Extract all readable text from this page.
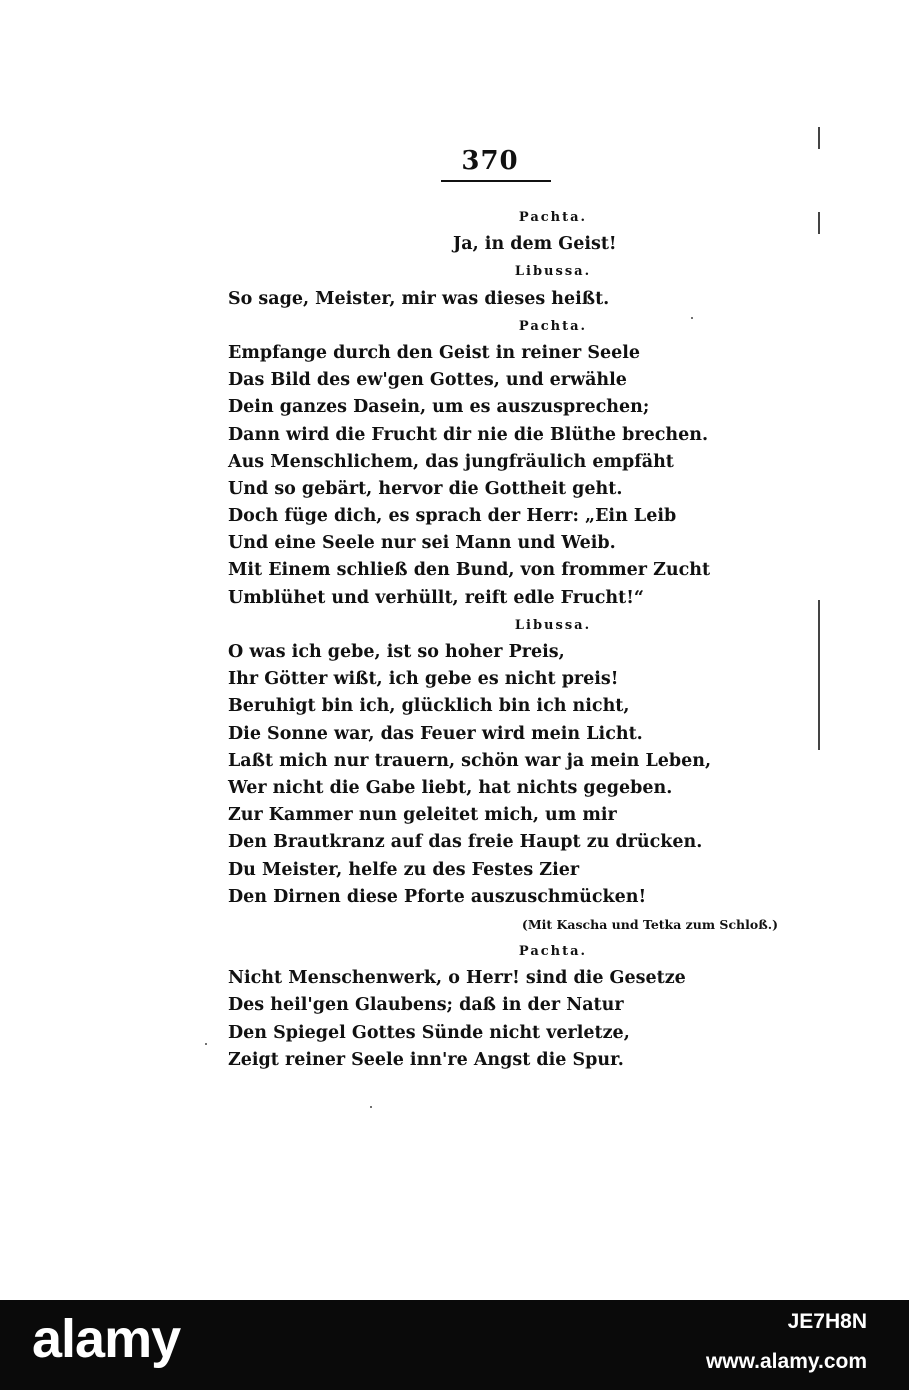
370
Pachta.
Ja, in dem Geist!
Libussa.
So sage, Meister, mir was dieses heißt.
Pachta.
Empfange durch den Geist in reiner Seele
Das Bild des ew'gen Gottes, und erwähle
Dein ganzes Dasein, um es auszusprechen;
Dann wird die Frucht dir nie die Blüthe brechen.
Aus Menschlichem, das jungfräulich empfäht
Und so gebärt, hervor die Gottheit geht.
Doch füge dich, es sprach der Herr: „Ein Leib
Und eine Seele nur sei Mann und Weib.
Mit Einem schließ den Bund, von frommer Zucht
Umblühet und verhüllt, reift edle Frucht!“
Libussa.
O was ich gebe, ist so hoher Preis,
Ihr Götter wißt, ich gebe es nicht preis!
Beruhigt bin ich, glücklich bin ich nicht,
Die Sonne war, das Feuer wird mein Licht.
Laßt mich nur trauern, schön war ja mein Leben,
Wer nicht die Gabe liebt, hat nichts gegeben.
Zur Kammer nun geleitet mich, um mir
Den Brautkranz auf das freie Haupt zu drücken.
Du Meister, helfe zu des Festes Zier
Den Dirnen diese Pforte auszuschmücken!
(Mit Kascha und Tetka zum Schloß.)
Pachta.
Nicht Menschenwerk, o Herr! sind die Gesetze
Des heil'gen Glaubens; daß in der Natur
Den Spiegel Gottes Sünde nicht verletze,
Zeigt reiner Seele inn're Angst die Spur.
alamy	JE7H8N
www.alamy.com
